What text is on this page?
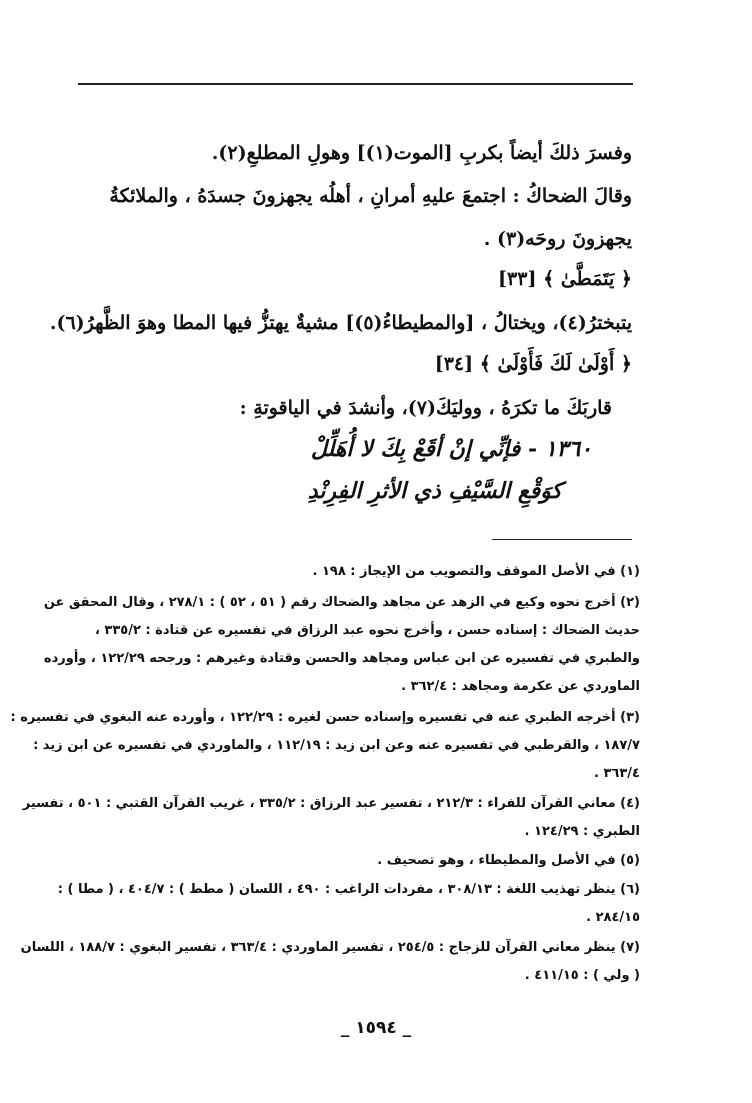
وفسرَ ذلكَ أيضاً بكربِ [الموت(١)] وهولِ المطلعِ(٢).
وقالَ الضحاكُ : اجتمعَ عليهِ أمرانِ ، أهلُه يجهزونَ جسدَهُ ، والملائكةُ
يجهزونَ روحَه(٣) .
﴿ يَتَمَطَّىٰ ﴾ [٣٣]
يتبخترُ(٤)، ويختالُ ، [والمطيطاءُ(٥)] مشيةٌ يهتزُّ فيها المطا وهوَ الظَّهرُ(٦).
﴿ أَوْلَىٰ لَكَ فَأَوْلَىٰ ﴾ [٣٤]
قاربَكَ ما تكرَهُ ، ووليَكَ(٧)، وأنشدَ في الياقوتةِ :
١٣٦٠ - فإنِّي إنْ أقَعْ بِكَ لا أُهَلِّلْ
كوَقْعِ السَّيْفِ ذي الأثرِ الفِرِنْدِ
(١) في الأصل الموقف والتصويب من الإيجاز : ١٩٨ .
(٢) أخرج نحوه وكيع في الزهد عن مجاهد والضحاك رقم ( ٥١ ، ٥٢ ) : ٢٧٨/١ ، وقال المحقق عن
حديث الضحاك : إسناده حسن ، وأخرج نحوه عبد الرزاق في تفسيره عن قتادة : ٣٣٥/٢ ،
والطبري في تفسيره عن ابن عباس ومجاهد والحسن وقتادة وغيرهم : ورجحه ١٢٢/٢٩ ، وأورده
الماوردي عن عكرمة ومجاهد : ٣٦٢/٤ .
(٣) أخرجه الطبري عنه في تفسيره وإسناده حسن لغيره : ١٢٢/٢٩ ، وأورده عنه البغوي في تفسيره :
١٨٧/٧ ، والقرطبي في تفسيره عنه وعن ابن زيد : ١١٢/١٩ ، والماوردي في تفسيره عن ابن زيد :
٣٦٣/٤ .
(٤) معاني القرآن للفراء : ٢١٢/٣ ، تفسير عبد الرزاق : ٣٣٥/٢ ، غريب القرآن القتبي : ٥٠١ ، تفسير
الطبري : ١٢٤/٢٩ .
(٥) في الأصل والمطيطاء ، وهو تصحيف .
(٦) ينظر تهذيب اللغة : ٣٠٨/١٣ ، مفردات الراغب : ٤٩٠ ، اللسان ( مطط ) : ٤٠٤/٧ ، ( مطا ) :
٢٨٤/١٥ .
(٧) ينظر معاني القرآن للزجاج : ٢٥٤/٥ ، تفسير الماوردي : ٣٦٣/٤ ، تفسير البغوي : ١٨٨/٧ ، اللسان
( ولي ) : ٤١١/١٥ .
_ ١٥٩٤ _
